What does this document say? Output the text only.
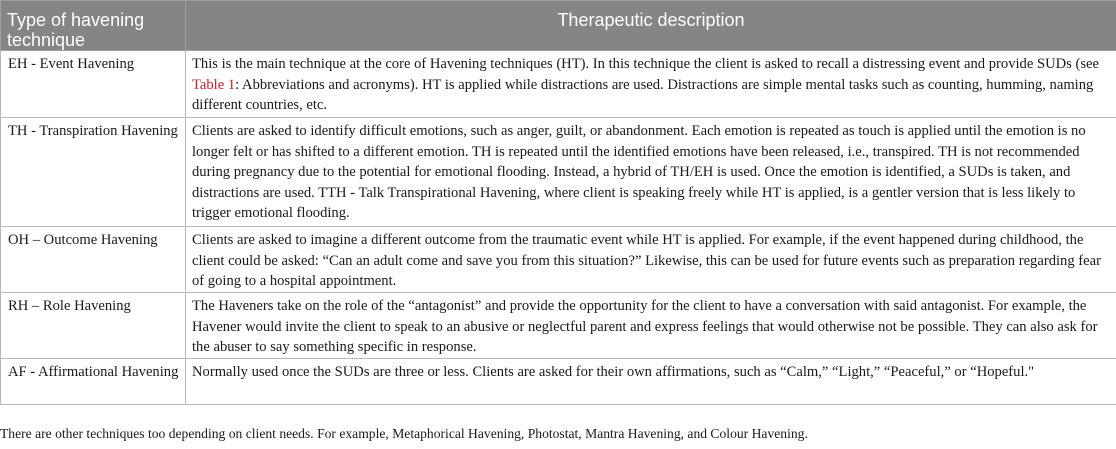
Type of havening technique	Therapeutic description
EH - Event Havening	This is the main technique at the core of Havening techniques (HT). In this technique the client is asked to recall a distressing event and provide SUDs (see Table 1: Abbreviations and acronyms). HT is applied while distractions are used. Distractions are simple mental tasks such as counting, humming, naming different countries, etc.
TH - Transpiration Havening	Clients are asked to identify difficult emotions, such as anger, guilt, or abandonment. Each emotion is repeated as touch is applied until the emotion is no longer felt or has shifted to a different emotion. TH is repeated until the identified emotions have been released, i.e., transpired. TH is not recommended during pregnancy due to the potential for emotional flooding. Instead, a hybrid of TH/EH is used. Once the emotion is identified, a SUDs is taken, and distractions are used. TTH - Talk Transpirational Havening, where client is speaking freely while HT is applied, is a gentler version that is less likely to trigger emotional flooding.
OH – Outcome Havening	Clients are asked to imagine a different outcome from the traumatic event while HT is applied. For example, if the event happened during childhood, the client could be asked: “Can an adult come and save you from this situation?” Likewise, this can be used for future events such as preparation regarding fear of going to a hospital appointment.
RH – Role Havening	The Haveners take on the role of the “antagonist” and provide the opportunity for the client to have a conversation with said antagonist. For example, the Havener would invite the client to speak to an abusive or neglectful parent and express feelings that would otherwise not be possible. They can also ask for the abuser to say something specific in response.
AF - Affirmational Havening	Normally used once the SUDs are three or less. Clients are asked for their own affirmations, such as “Calm,” “Light,” “Peaceful,” or “Hopeful."

There are other techniques too depending on client needs. For example, Metaphorical Havening, Photostat, Mantra Havening, and Colour Havening.
